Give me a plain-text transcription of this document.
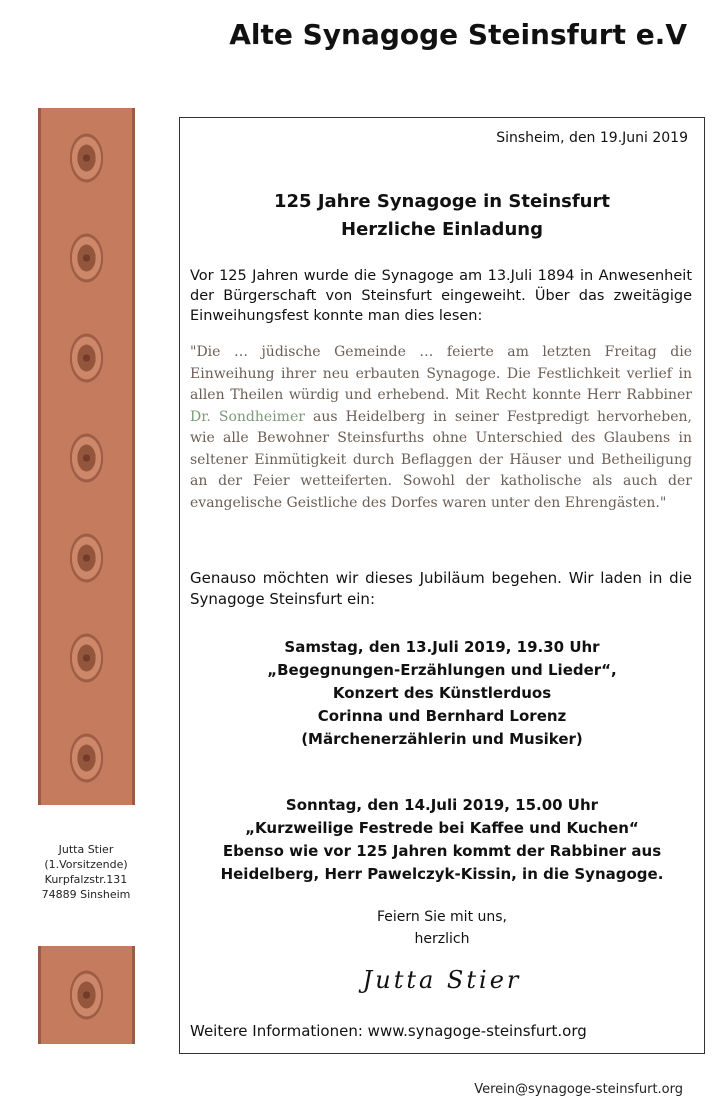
Alte Synagoge Steinsfurt e.V
Jutta Stier
(1.Vorsitzende)
Kurpfalzstr.131
74889 Sinsheim
Sinsheim, den 19.Juni 2019
125 Jahre Synagoge in Steinsfurt
Herzliche Einladung
Vor 125 Jahren wurde die Synagoge am 13.Juli 1894 in Anwesenheit der Bürgerschaft von Steinsfurt eingeweiht. Über das zweitägige Einweihungsfest konnte man dies lesen:
"Die … jüdische Gemeinde … feierte am letzten Freitag die Einweihung ihrer neu erbauten Synagoge. Die Festlichkeit verlief in allen Theilen würdig und erhebend. Mit Recht konnte Herr Rabbiner Dr. Sondheimer aus Heidelberg in seiner Festpredigt hervorheben, wie alle Bewohner Steinsfurths ohne Unterschied des Glaubens in seltener Einmütigkeit durch Beflaggen der Häuser und Betheiligung an der Feier wetteiferten. Sowohl der katholische als auch der evangelische Geistliche des Dorfes waren unter den Ehrengästen."
Genauso möchten wir dieses Jubiläum begehen. Wir laden in die Synagoge Steinsfurt ein:
Samstag, den 13.Juli 2019, 19.30 Uhr
„Begegnungen-Erzählungen und Lieder“,
Konzert des Künstlerduos
Corinna und Bernhard Lorenz
(Märchenerzählerin und Musiker)
Sonntag, den 14.Juli 2019, 15.00 Uhr
„Kurzweilige Festrede bei Kaffee und Kuchen“
Ebenso wie vor 125 Jahren kommt der Rabbiner aus
Heidelberg, Herr Pawelczyk-Kissin, in die Synagoge.
Feiern Sie mit uns,
herzlich
Jutta Stier
Weitere Informationen: www.synagoge-steinsfurt.org
Verein@synagoge-steinsfurt.org
